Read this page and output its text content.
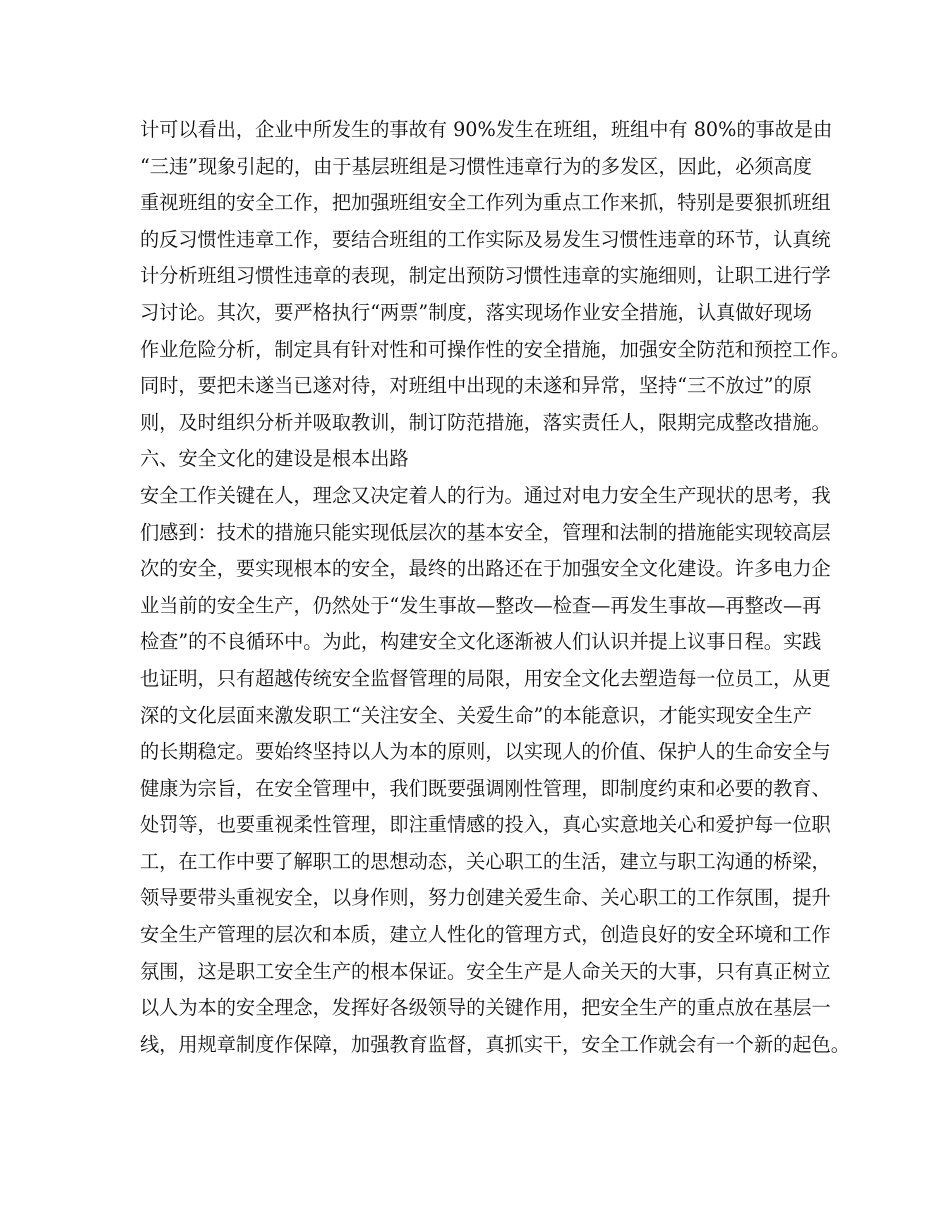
计可以看出，企业中所发生的事故有 90%发生在班组，班组中有 80%的事故是由
“三违”现象引起的，由于基层班组是习惯性违章行为的多发区，因此，必须高度
重视班组的安全工作，把加强班组安全工作列为重点工作来抓，特别是要狠抓班组
的反习惯性违章工作，要结合班组的工作实际及易发生习惯性违章的环节，认真统
计分析班组习惯性违章的表现，制定出预防习惯性违章的实施细则，让职工进行学
习讨论。其次，要严格执行“两票”制度，落实现场作业安全措施，认真做好现场
作业危险分析，制定具有针对性和可操作性的安全措施，加强安全防范和预控工作。
同时，要把未遂当已遂对待，对班组中出现的未遂和异常，坚持“三不放过”的原
则，及时组织分析并吸取教训，制订防范措施，落实责任人，限期完成整改措施。
六、安全文化的建设是根本出路
安全工作关键在人，理念又决定着人的行为。通过对电力安全生产现状的思考，我
们感到：技术的措施只能实现低层次的基本安全，管理和法制的措施能实现较高层
次的安全，要实现根本的安全，最终的出路还在于加强安全文化建设。许多电力企
业当前的安全生产，仍然处于“发生事故—整改—检查—再发生事故—再整改—再
检查”的不良循环中。为此，构建安全文化逐渐被人们认识并提上议事日程。实践
也证明，只有超越传统安全监督管理的局限，用安全文化去塑造每一位员工，从更
深的文化层面来激发职工“关注安全、关爱生命”的本能意识，才能实现安全生产
的长期稳定。要始终坚持以人为本的原则，以实现人的价值、保护人的生命安全与
健康为宗旨，在安全管理中，我们既要强调刚性管理，即制度约束和必要的教育、
处罚等，也要重视柔性管理，即注重情感的投入，真心实意地关心和爱护每一位职
工，在工作中要了解职工的思想动态，关心职工的生活，建立与职工沟通的桥梁，
领导要带头重视安全，以身作则，努力创建关爱生命、关心职工的工作氛围，提升
安全生产管理的层次和本质，建立人性化的管理方式，创造良好的安全环境和工作
氛围，这是职工安全生产的根本保证。安全生产是人命关天的大事，只有真正树立
以人为本的安全理念，发挥好各级领导的关键作用，把安全生产的重点放在基层一
线，用规章制度作保障，加强教育监督，真抓实干，安全工作就会有一个新的起色。
